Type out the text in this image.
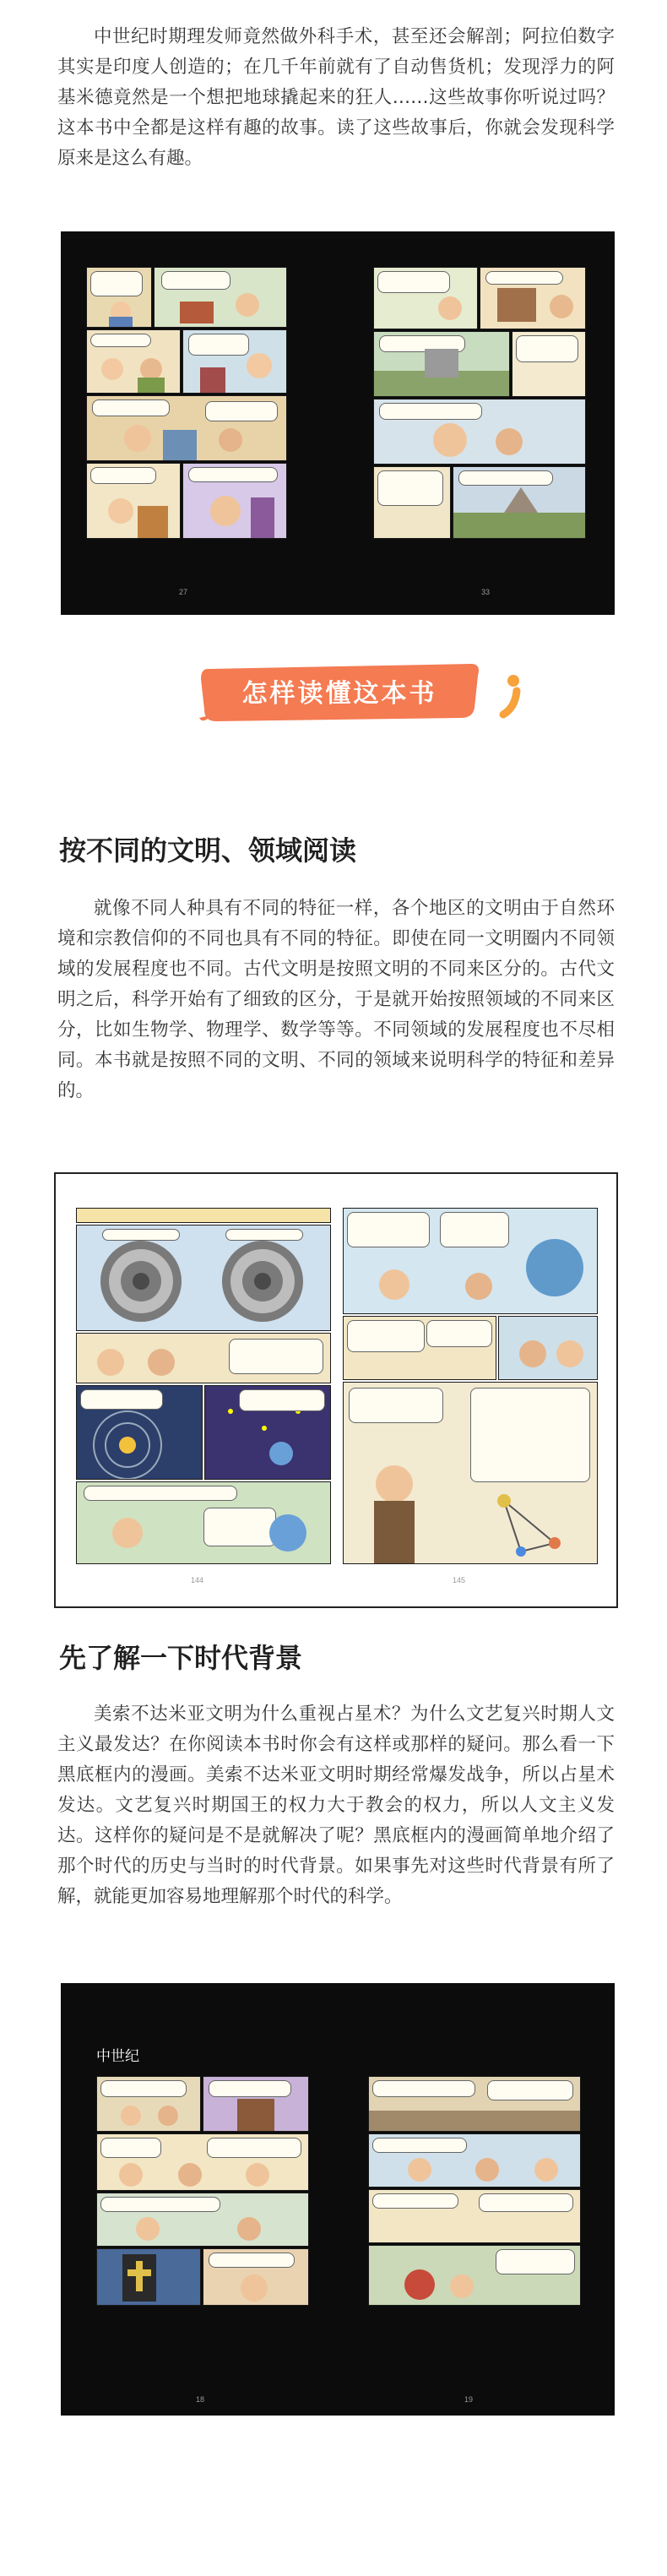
中世纪时期理发师竟然做外科手术，甚至还会解剖；阿拉伯数字其实是印度人创造的；在几千年前就有了自动售货机；发现浮力的阿基米德竟然是一个想把地球撬起来的狂人……这些故事你听说过吗？这本书中全都是这样有趣的故事。读了这些故事后，你就会发现科学原来是这么有趣。

27	33
怎样读懂这本书
按不同的文明、领域阅读

就像不同人种具有不同的特征一样，各个地区的文明由于自然环境和宗教信仰的不同也具有不同的特征。即使在同一文明圈内不同领域的发展程度也不同。古代文明是按照文明的不同来区分的。古代文明之后，科学开始有了细致的区分，于是就开始按照领域的不同来区分，比如生物学、物理学、数学等等。不同领域的发展程度也不尽相同。本书就是按照不同的文明、不同的领域来说明科学的特征和差异的。

144	145
先了解一下时代背景

美索不达米亚文明为什么重视占星术？为什么文艺复兴时期人文主义最发达？在你阅读本书时你会有这样或那样的疑问。那么看一下黑底框内的漫画。美索不达米亚文明时期经常爆发战争，所以占星术发达。文艺复兴时期国王的权力大于教会的权力，所以人文主义发达。这样你的疑问是不是就解决了呢？黑底框内的漫画简单地介绍了那个时代的历史与当时的时代背景。如果事先对这些时代背景有所了解，就能更加容易地理解那个时代的科学。

中世纪
18	19
